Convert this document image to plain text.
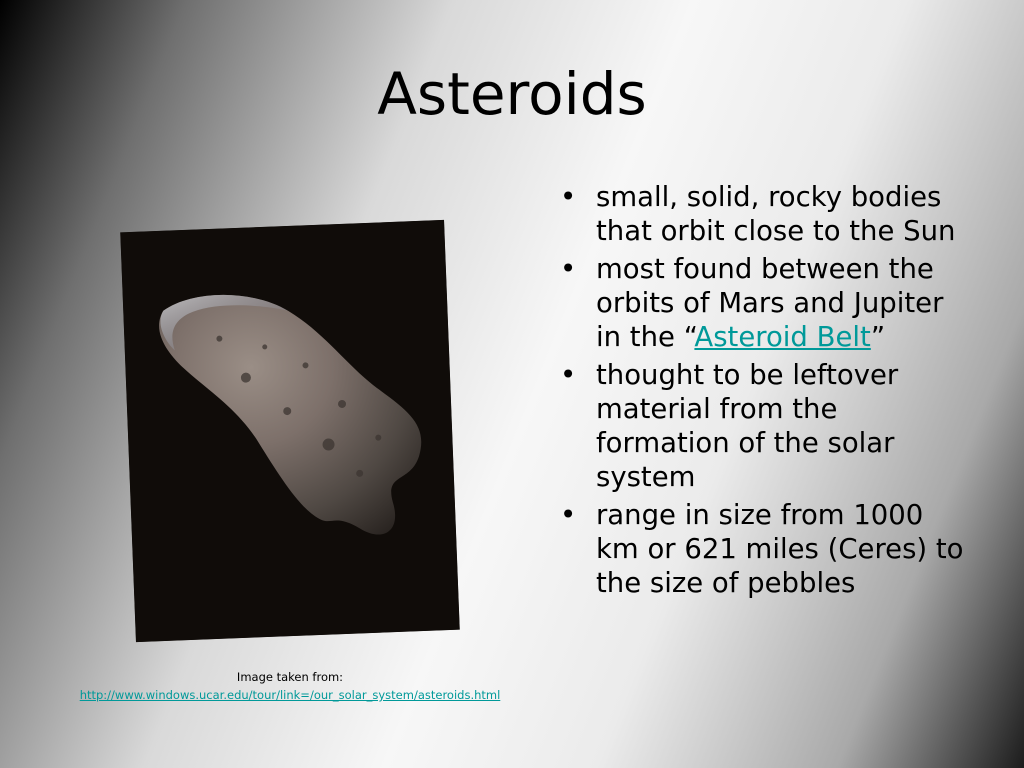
Asteroids
Image taken from:
http://www.windows.ucar.edu/tour/link=/our_solar_system/asteroids.html
• small, solid, rocky bodies that orbit close to the Sun
• most found between the orbits of Mars and Jupiter in the “Asteroid Belt”
• thought to be leftover material from the formation of the solar system
• range in size from 1000 km or 621 miles (Ceres) to the size of pebbles
